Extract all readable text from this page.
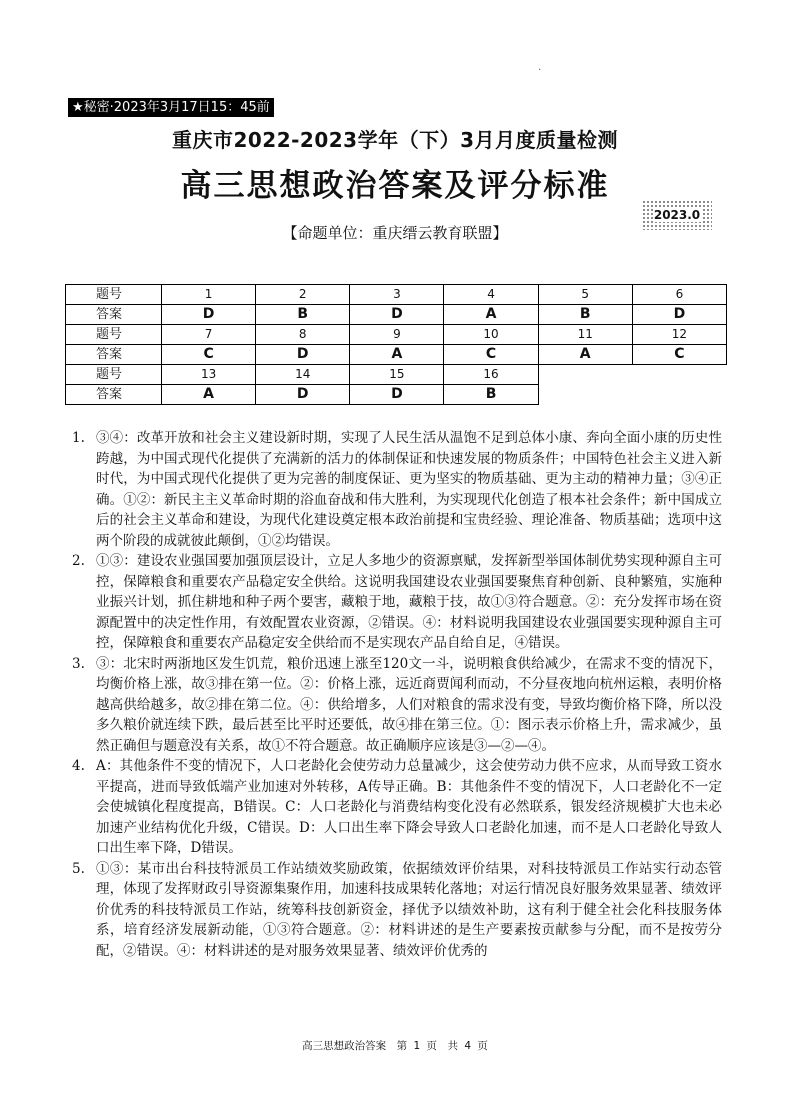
.
★秘密·2023年3月17日15：45前
重庆市2022-2023学年（下）3月月度质量检测
高三思想政治答案及评分标准
2023.0
【命题单位：重庆缙云教育联盟】
题号	1	2	3	4	5	6
答案	D	B	D	A	B	D
题号	7	8	9	10	11	12
答案	C	D	A	C	A	C
题号	13	14	15	16		
答案	A	D	D	B		
1. ③④：改革开放和社会主义建设新时期，实现了人民生活从温饱不足到总体小康、奔向全面小康的历史性跨越，为中国式现代化提供了充满新的活力的体制保证和快速发展的物质条件；中国特色社会主义进入新时代，为中国式现代化提供了更为完善的制度保证、更为坚实的物质基础、更为主动的精神力量；③④正确。①②：新民主主义革命时期的浴血奋战和伟大胜利，为实现现代化创造了根本社会条件；新中国成立后的社会主义革命和建设，为现代化建设奠定根本政治前提和宝贵经验、理论准备、物质基础；选项中这两个阶段的成就彼此颠倒，①②均错误。
2. ①③：建设农业强国要加强顶层设计，立足人多地少的资源禀赋，发挥新型举国体制优势实现种源自主可控，保障粮食和重要农产品稳定安全供给。这说明我国建设农业强国要聚焦育种创新、良种繁殖，实施种业振兴计划，抓住耕地和种子两个要害，藏粮于地，藏粮于技，故①③符合题意。②：充分发挥市场在资源配置中的决定性作用，有效配置农业资源，②错误。④：材料说明我国建设农业强国要实现种源自主可控，保障粮食和重要农产品稳定安全供给而不是实现农产品自给自足，④错误。
3. ③：北宋时两浙地区发生饥荒，粮价迅速上涨至120文一斗，说明粮食供给减少，在需求不变的情况下，均衡价格上涨，故③排在第一位。②：价格上涨，远近商贾闻利而动，不分昼夜地向杭州运粮，表明价格越高供给越多，故②排在第二位。④：供给增多，人们对粮食的需求没有变，导致均衡价格下降，所以没多久粮价就连续下跌，最后甚至比平时还要低，故④排在第三位。①：图示表示价格上升，需求减少，虽然正确但与题意没有关系，故①不符合题意。故正确顺序应该是③—②—④。
4. A：其他条件不变的情况下，人口老龄化会使劳动力总量减少，这会使劳动力供不应求，从而导致工资水平提高，进而导致低端产业加速对外转移，A传导正确。B：其他条件不变的情况下，人口老龄化不一定会使城镇化程度提高，B错误。C：人口老龄化与消费结构变化没有必然联系，银发经济规模扩大也未必加速产业结构优化升级，C错误。D：人口出生率下降会导致人口老龄化加速，而不是人口老龄化导致人口出生率下降，D错误。
5. ①③：某市出台科技特派员工作站绩效奖励政策，依据绩效评价结果，对科技特派员工作站实行动态管理，体现了发挥财政引导资源集聚作用，加速科技成果转化落地；对运行情况良好服务效果显著、绩效评价优秀的科技特派员工作站，统筹科技创新资金，择优予以绩效补助，这有利于健全社会化科技服务体系，培育经济发展新动能，①③符合题意。②：材料讲述的是生产要素按贡献参与分配，而不是按劳分配，②错误。④：材料讲述的是对服务效果显著、绩效评价优秀的
高三思想政治答案　第 1 页　共 4 页
